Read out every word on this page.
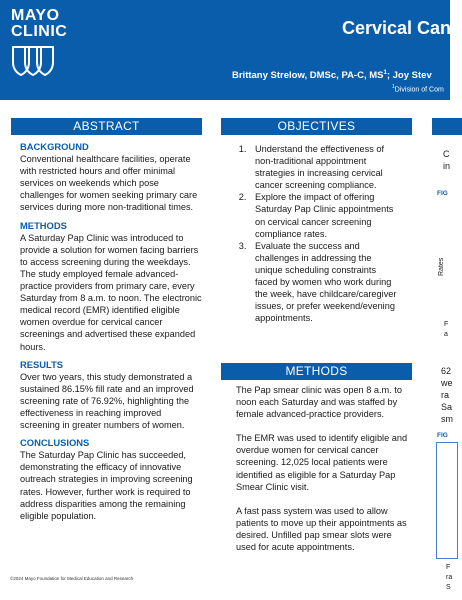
MAYO
CLINIC	Cervical Can
Brittany Strelow, DMSc, PA-C, $MS^1$; Joy Stev
$^1$Division of Com
ABSTRACT
BACKGROUND

Conventional healthcare facilities, operate with restricted hours and offer minimal services on weekends which pose challenges for women seeking primary care services during more non-traditional times.

METHODS

A Saturday Pap Clinic was introduced to provide a solution for women facing barriers to access screening during the weekdays. The study employed female advanced-practice providers from primary care, every Saturday from 8 a.m. to noon. The electronic medical record (EMR) identified eligible women overdue for cervical cancer screenings and advertised these expanded hours.

RESULTS

Over two years, this study demonstrated a sustained 86.15% fill rate and an improved screening rate of 76.92%, highlighting the effectiveness in reaching improved screening in greater numbers of women.

CONCLUSIONS

The Saturday Pap Clinic has succeeded, demonstrating the efficacy of innovative outreach strategies in improving screening rates. However, further work is required to address disparities among the remaining eligible population.

©2024 Mayo Foundation for Medical Education and Research
OBJECTIVES
1. Understand the effectiveness of non-traditional appointment strategies in increasing cervical cancer screening compliance.
2. Explore the impact of offering Saturday Pap Clinic appointments on cervical cancer screening compliance rates.
3. Evaluate the success and challenges in addressing the unique scheduling constraints faced by women who work during the week, have childcare/caregiver issues, or prefer weekend/evening appointments.
METHODS

The Pap smear clinic was open 8 a.m. to noon each Saturday and was staffed by female advanced-practice providers.

The EMR was used to identify eligible and overdue women for cervical cancer screening. 12,025 local patients were identified as eligible for a Saturday Pap Smear Clinic visit.

A fast pass system was used to allow patients to move up their appointments as desired. Unfilled pap smear slots were used for acute appointments.

C
in
FIG
Rates
F
a
62
we
ra
Sa
sm
FIG
F
ra
S
